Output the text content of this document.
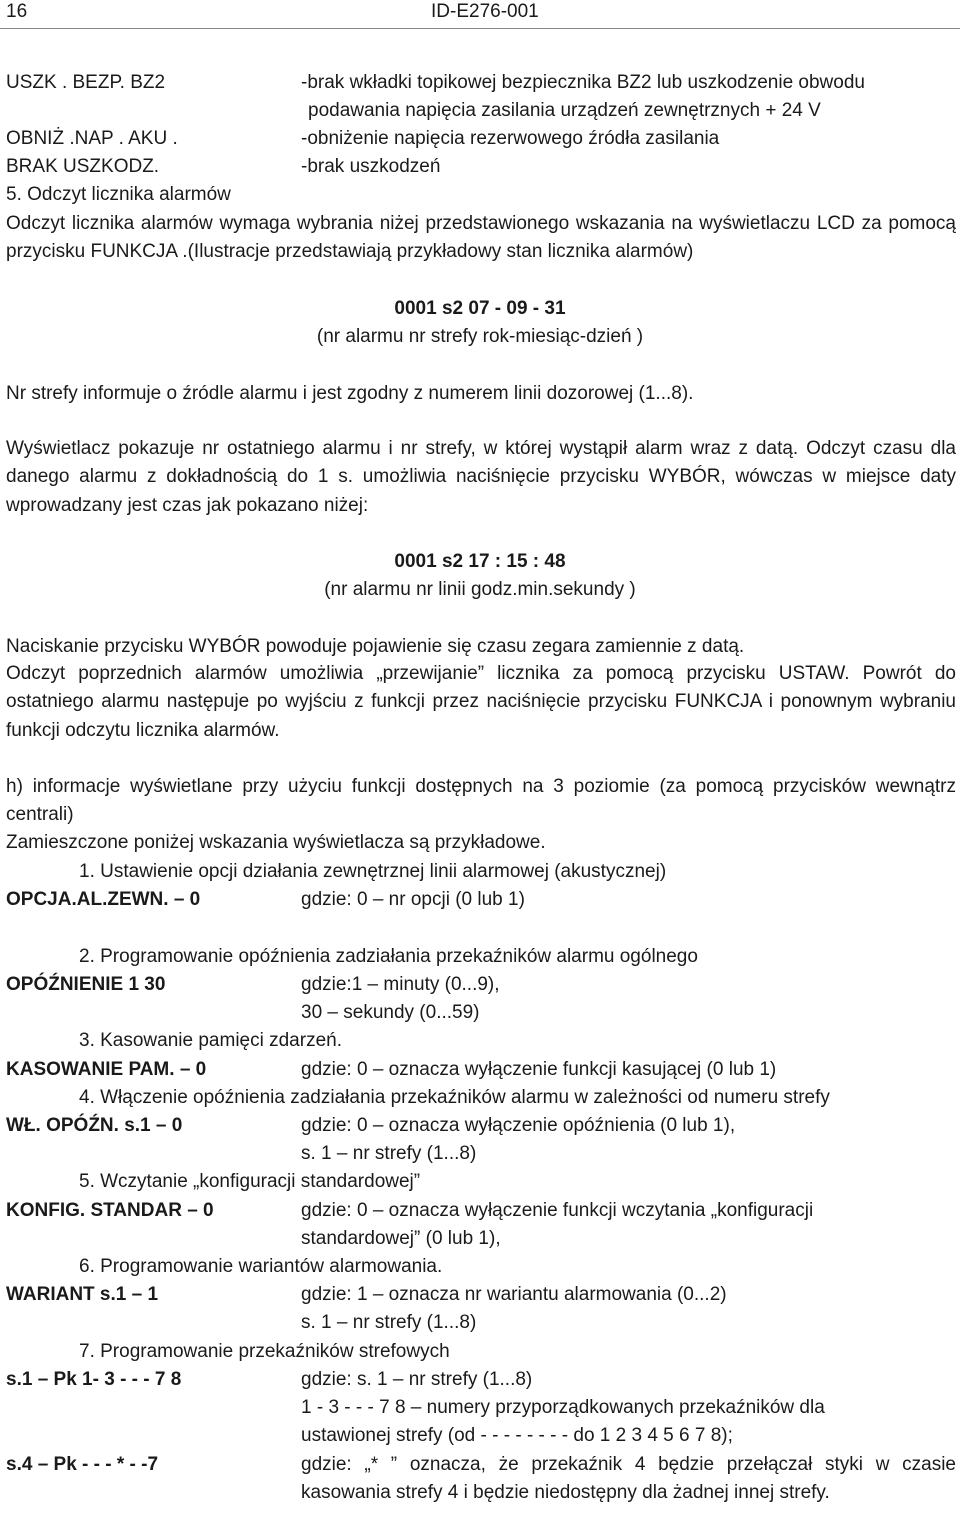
16	ID-E276-001
USZK . BEZP. BZ2	-brak wkładki topikowej bezpiecznika BZ2 lub uszkodzenie obwodu
podawania napięcia zasilania urządzeń zewnętrznych + 24 V
OBNIŻ .NAP . AKU .	-obniżenie napięcia rezerwowego źródła zasilania
BRAK USZKODZ.	-brak uszkodzeń
5. Odczyt licznika alarmów
Odczyt licznika alarmów wymaga wybrania niżej przedstawionego wskazania na wyświetlaczu LCD za pomocą przycisku FUNKCJA .(Ilustracje przedstawiają przykładowy stan licznika alarmów)
0001 s2 07 - 09 - 31
(nr alarmu nr strefy rok-miesiąc-dzień )
Nr strefy informuje o źródle alarmu i jest zgodny z numerem linii dozorowej (1...8).
Wyświetlacz pokazuje nr ostatniego alarmu i nr strefy, w której wystąpił alarm wraz z datą. Odczyt czasu dla danego alarmu z dokładnością do 1 s. umożliwia naciśnięcie przycisku WYBÓR, wówczas w miejsce daty wprowadzany jest czas jak pokazano niżej:
0001 s2 17 : 15 : 48
(nr alarmu nr linii godz.min.sekundy )
Naciskanie przycisku WYBÓR powoduje pojawienie się czasu zegara zamiennie z datą.
Odczyt poprzednich alarmów umożliwia „przewijanie” licznika za pomocą przycisku USTAW. Powrót do ostatniego alarmu następuje po wyjściu z funkcji przez naciśnięcie przycisku FUNKCJA i ponownym wybraniu funkcji odczytu licznika alarmów.
h) informacje wyświetlane przy użyciu funkcji dostępnych na 3 poziomie (za pomocą przycisków wewnątrz centrali)
Zamieszczone poniżej wskazania wyświetlacza są przykładowe.
1. Ustawienie opcji działania zewnętrznej linii alarmowej (akustycznej)
OPCJA.AL.ZEWN. – 0	gdzie: 0 – nr opcji (0 lub 1)
2. Programowanie opóźnienia zadziałania przekaźników alarmu ogólnego
OPÓŹNIENIE 1 30	gdzie:1 – minuty (0...9),
30 – sekundy (0...59)
3. Kasowanie pamięci zdarzeń.
KASOWANIE PAM. – 0	gdzie: 0 – oznacza wyłączenie funkcji kasującej (0 lub 1)
4. Włączenie opóźnienia zadziałania przekaźników alarmu w zależności od numeru strefy
WŁ. OPÓŹN. s.1 – 0	gdzie: 0 – oznacza wyłączenie opóźnienia (0 lub 1),
s. 1 – nr strefy (1...8)
5. Wczytanie „konfiguracji standardowej”
KONFIG. STANDAR – 0	gdzie: 0 – oznacza wyłączenie funkcji wczytania „konfiguracji standardowej” (0 lub 1),
6. Programowanie wariantów alarmowania.
WARIANT s.1 – 1	gdzie: 1 – oznacza nr wariantu alarmowania (0...2)
s. 1 – nr strefy (1...8)
7. Programowanie przekaźników strefowych
s.1 – Pk 1- 3 - - - 7 8	gdzie: s. 1 – nr strefy (1...8)
1 - 3 - - - 7 8 – numery przyporządkowanych przekaźników dla ustawionej strefy (od - - - - - - - - do 1 2 3 4 5 6 7 8);
s.4 – Pk - - - * - -7	gdzie: „* ” oznacza, że przekaźnik 4 będzie przełączał styki w czasie kasowania strefy 4 i będzie niedostępny dla żadnej innej strefy.
